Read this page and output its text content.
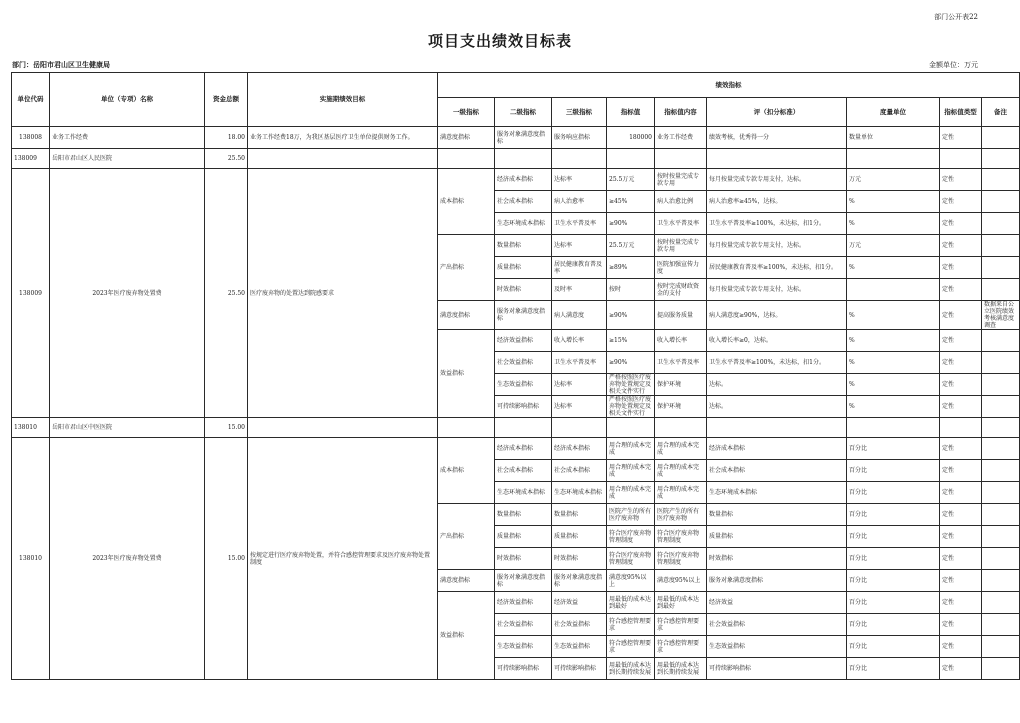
部门公开表22
项目支出绩效目标表
部门：岳阳市君山区卫生健康局	金额单位：万元
单位代码	单位（专项）名称	资金总额	实施期绩效目标	绩效指标								
				一级指标	二级指标	三级指标	指标值	指标值内容	评（扣分标准）	度量单位	指标值类型	备注
138008	业务工作经费	18.00	业务工作经费18万，为我区基层医疗卫生单位提供财务工作。	满意度指标	服务对象满意度指标	服务响应指标	180000	业务工作经费	绩效考核，优秀得一分	数量单位	定性	
138009	岳阳市君山区人民医院	25.50										
138009	2023年医疗废弃物处置费	25.50	医疗废弃物的处置达到院感要求	成本指标	经济成本指标	达标率	25.5万元	按时按量完成专款专用	每月按量完成专款专用支付，达标。	万元	定性	
					社会成本指标	病人治愈率	≥45%	病人治愈比例	病人治愈率≥45%，达标。	%	定性	
					生态环境成本指标	卫生水平普及率	≥90%	卫生水平普及率	卫生水平普及率≥100%，未达标，扣1分。	%	定性	
				产出指标	数量指标	达标率	25.5万元	按时按量完成专款专用	每月按量完成专款专用支付，达标。	万元	定性	
					质量指标	居民健康教育普及率	≥89%	医院加强宣传力度	居民健康教育普及率≥100%，未达标，扣1分。	%	定性	
					时效指标	及时率	按时	按时完成财政资金的支付	每月按量完成专款专用支付，达标。		定性	
				满意度指标	服务对象满意度指标	病人满意度	≥90%	提高服务质量	病人满意度≥90%，达标。	%	定性	数据来自公立医院绩效考核满意度调查
				效益指标	经济效益指标	收入增长率	≥15%	收入增长率	收入增长率≥0，达标。	%	定性	
					社会效益指标	卫生水平普及率	≥90%	卫生水平普及率	卫生水平普及率≥100%，未达标，扣1分。	%	定性	
					生态效益指标	达标率	严格按照医疗废弃物处置规定及相关文件实行	保护环境	达标。	%	定性	
					可持续影响指标	达标率	严格按照医疗废弃物处置规定及相关文件实行	保护环境	达标。	%	定性	
138010	岳阳市君山区中医医院	15.00										
138010	2023年医疗废弃物处置费	15.00	按规定进行医疗废弃物处置，并符合感控管理要求及医疗废弃物处置制度	成本指标	经济成本指标	经济成本指标	用合理的成本完成	用合理的成本完成	经济成本指标	百分比	定性	
					社会成本指标	社会成本指标	用合理的成本完成	用合理的成本完成	社会成本指标	百分比	定性	
					生态环境成本指标	生态环境成本指标	用合理的成本完成	用合理的成本完成	生态环境成本指标	百分比	定性	
				产出指标	数量指标	数量指标	医院产生的所有医疗废弃物	医院产生的所有医疗废弃物	数量指标	百分比	定性	
					质量指标	质量指标	符合医疗废弃物管理制度	符合医疗废弃物管理制度	质量指标	百分比	定性	
					时效指标	时效指标	符合医疗废弃物管理制度	符合医疗废弃物管理制度	时效指标	百分比	定性	
				满意度指标	服务对象满意度指标	服务对象满意度指标	满意度95%以上	满意度95%以上	服务对象满意度指标	百分比	定性	
				效益指标	经济效益指标	经济效益	用最低的成本达到最好	用最低的成本达到最好	经济效益	百分比	定性	
					社会效益指标	社会效益指标	符合感控管理要求	符合感控管理要求	社会效益指标	百分比	定性	
					生态效益指标	生态效益指标	符合感控管理要求	符合感控管理要求	生态效益指标	百分比	定性	
					可持续影响指标	可持续影响指标	用最低的成本达到长期持续发展	用最低的成本达到长期持续发展	可持续影响指标	百分比	定性	
